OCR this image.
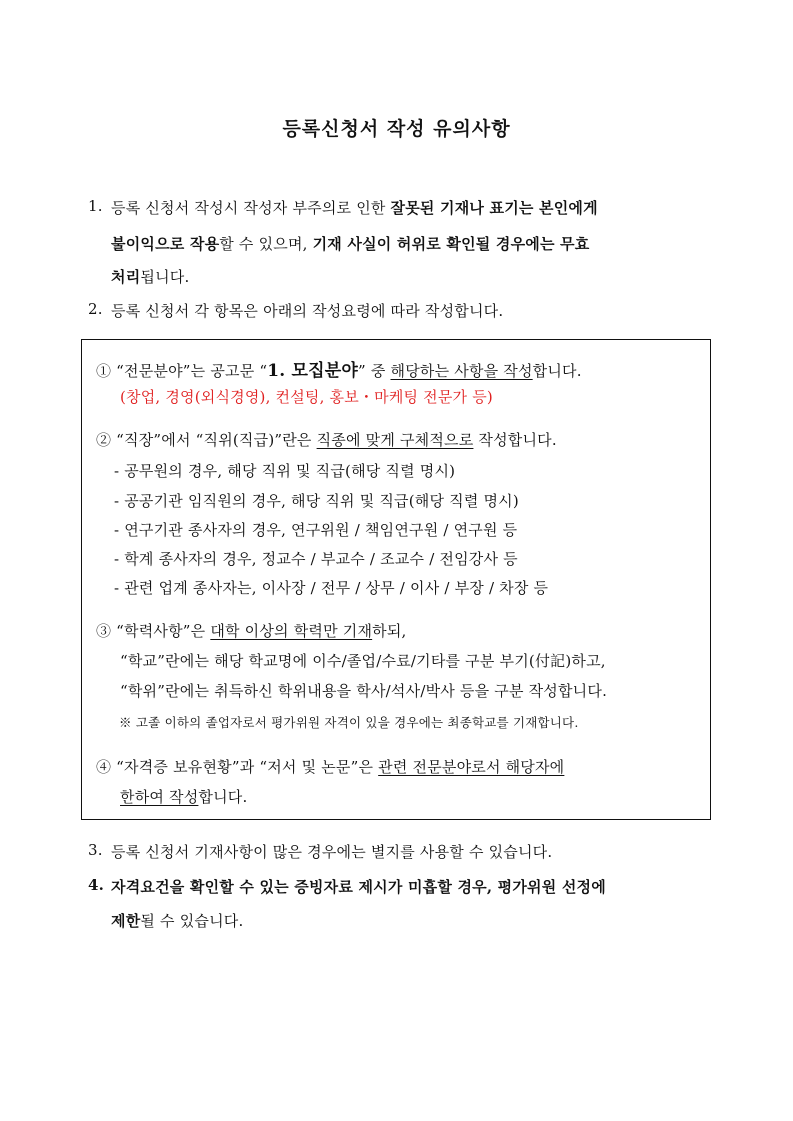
등록신청서 작성 유의사항
1. 등록 신청서 작성시 작성자 부주의로 인한 잘못된 기재나 표기는 본인에게
불이익으로 작용할 수 있으며, 기재 사실이 허위로 확인될 경우에는 무효
처리됩니다.
2. 등록 신청서 각 항목은 아래의 작성요령에 따라 작성합니다.
① “전문분야”는 공고문 “1. 모집분야” 중 해당하는 사항을 작성합니다.
(창업, 경영(외식경영), 컨설팅, 홍보・마케팅 전문가 등)
② “직장”에서 “직위(직급)”란은 직종에 맞게 구체적으로 작성합니다.
- 공무원의 경우, 해당 직위 및 직급(해당 직렬 명시)
- 공공기관 임직원의 경우, 해당 직위 및 직급(해당 직렬 명시)
- 연구기관 종사자의 경우, 연구위원 / 책임연구원 / 연구원 등
- 학계 종사자의 경우, 정교수 / 부교수 / 조교수 / 전임강사 등
- 관련 업계 종사자는, 이사장 / 전무 / 상무 / 이사 / 부장 / 차장 등
③ “학력사항”은 대학 이상의 학력만 기재하되,
“학교”란에는 해당 학교명에 이수/졸업/수료/기타를 구분 부기(付記)하고,
“학위”란에는 취득하신 학위내용을 학사/석사/박사 등을 구분 작성합니다.
※ 고졸 이하의 졸업자로서 평가위원 자격이 있을 경우에는 최종학교를 기재합니다.
④ “자격증 보유현황”과 “저서 및 논문”은 관련 전문분야로서 해당자에
한하여 작성합니다.
3. 등록 신청서 기재사항이 많은 경우에는 별지를 사용할 수 있습니다.
4. 자격요건을 확인할 수 있는 증빙자료 제시가 미흡할 경우, 평가위원 선정에
제한될 수 있습니다.
